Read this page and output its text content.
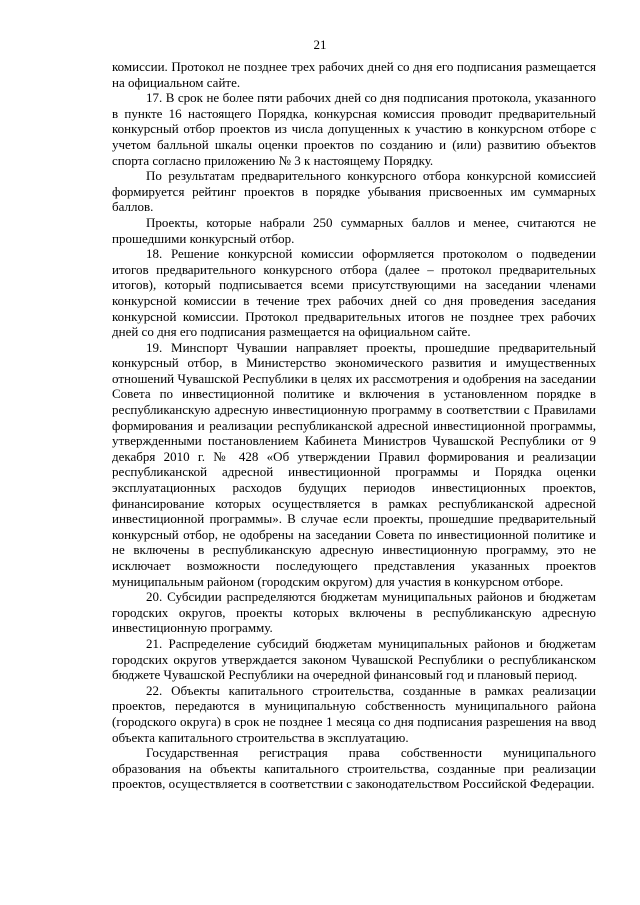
21

комиссии. Протокол не позднее трех рабочих дней со дня его подписания размещается на официальном сайте.

17. В срок не более пяти рабочих дней со дня подписания протокола, указанного в пункте 16 настоящего Порядка, конкурсная комиссия проводит предварительный конкурсный отбор проектов из числа допущенных к участию в конкурсном отборе с учетом балльной шкалы оценки проектов по созданию и (или) развитию объектов спорта согласно приложению № 3 к настоящему Порядку.

По результатам предварительного конкурсного отбора конкурсной комиссией формируется рейтинг проектов в порядке убывания присвоенных им суммарных баллов.

Проекты, которые набрали 250 суммарных баллов и менее, считаются не прошедшими конкурсный отбор.

18. Решение конкурсной комиссии оформляется протоколом о подведении итогов предварительного конкурсного отбора (далее – протокол предварительных итогов), который подписывается всеми присутствующими на заседании членами конкурсной комиссии в течение трех рабочих дней со дня проведения заседания конкурсной комиссии. Протокол предварительных итогов не позднее трех рабочих дней со дня его подписания размещается на официальном сайте.

19. Минспорт Чувашии направляет проекты, прошедшие предварительный конкурсный отбор, в Министерство экономического развития и имущественных отношений Чувашской Республики в целях их рассмотрения и одобрения на заседании Совета по инвестиционной политике и включения в установленном порядке в республиканскую адресную инвестиционную программу в соответствии с Правилами формирования и реализации республиканской адресной инвестиционной программы, утвержденными постановлением Кабинета Министров Чувашской Республики от 9 декабря 2010 г. № 428 «Об утверждении Правил формирования и реализации республиканской адресной инвестиционной программы и Порядка оценки эксплуатационных расходов будущих периодов инвестиционных проектов, финансирование которых осуществляется в рамках республиканской адресной инвестиционной программы». В случае если проекты, прошедшие предварительный конкурсный отбор, не одобрены на заседании Совета по инвестиционной политике и не включены в республиканскую адресную инвестиционную программу, это не исключает возможности последующего представления указанных проектов муниципальным районом (городским округом) для участия в конкурсном отборе.

20. Субсидии распределяются бюджетам муниципальных районов и бюджетам городских округов, проекты которых включены в республиканскую адресную инвестиционную программу.

21. Распределение субсидий бюджетам муниципальных районов и бюджетам городских округов утверждается законом Чувашской Республики о республиканском бюджете Чувашской Республики на очередной финансовый год и плановый период.

22. Объекты капитального строительства, созданные в рамках реализации проектов, передаются в муниципальную собственность муниципального района (городского округа) в срок не позднее 1 месяца со дня подписания разрешения на ввод объекта капитального строительства в эксплуатацию.

Государственная регистрация права собственности муниципального образования на объекты капитального строительства, созданные при реализации проектов, осуществляется в соответствии с законодательством Российской Федерации.
